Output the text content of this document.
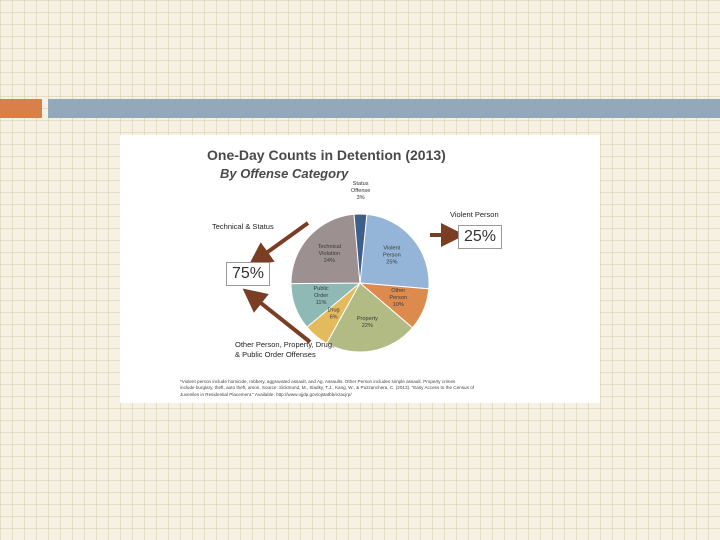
Violent Person 25%
Other Person 10%
Property 22%
Drug 6%
Public Order 11%
Technical Violation 24%
Status Offense 3%
One-Day Counts in Detention (2013)
By Offense Category
Technical & Status
75%
Violent Person
25%
Other Person, Property, Drug,
& Public Order Offenses
*Violent person include homicide, robbery, aggravated assault, and Ag. Assaults. Other Person includes simple assault. Property crimes
include burglary, theft, auto theft, arson. Source: Sickmund, M., Sladky, T.J., Kang, W., & Puzzanchera, C. (2013). "Easy Access to the Census of
Juveniles in Residential Placement." Available: http://www.ojjdp.gov/ojstatbb/ezacjrp/
